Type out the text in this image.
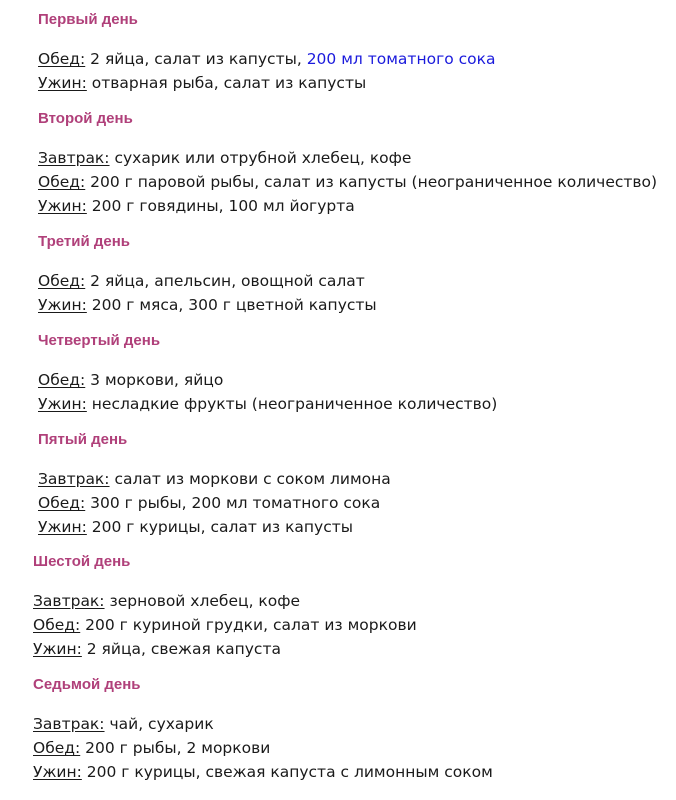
Первый день
Обед: 2 яйца, салат из капусты, 200 мл томатного сока
Ужин: отварная рыба, салат из капусты
Второй день
Завтрак: сухарик или отрубной хлебец, кофе
Обед: 200 г паровой рыбы, салат из капусты (неограниченное количество)
Ужин: 200 г говядины, 100 мл йогурта
Третий день
Обед: 2 яйца, апельсин, овощной салат
Ужин: 200 г мяса, 300 г цветной капусты
Четвертый день
Обед: 3 моркови, яйцо
Ужин: несладкие фрукты (неограниченное количество)
Пятый день
Завтрак: салат из моркови с соком лимона
Обед: 300 г рыбы, 200 мл томатного сока
Ужин: 200 г курицы, салат из капусты
Шестой день
Завтрак: зерновой хлебец, кофе
Обед: 200 г куриной грудки, салат из моркови
Ужин: 2 яйца, свежая капуста
Седьмой день
Завтрак: чай, сухарик
Обед: 200 г рыбы, 2 моркови
Ужин: 200 г курицы, свежая капуста с лимонным соком
